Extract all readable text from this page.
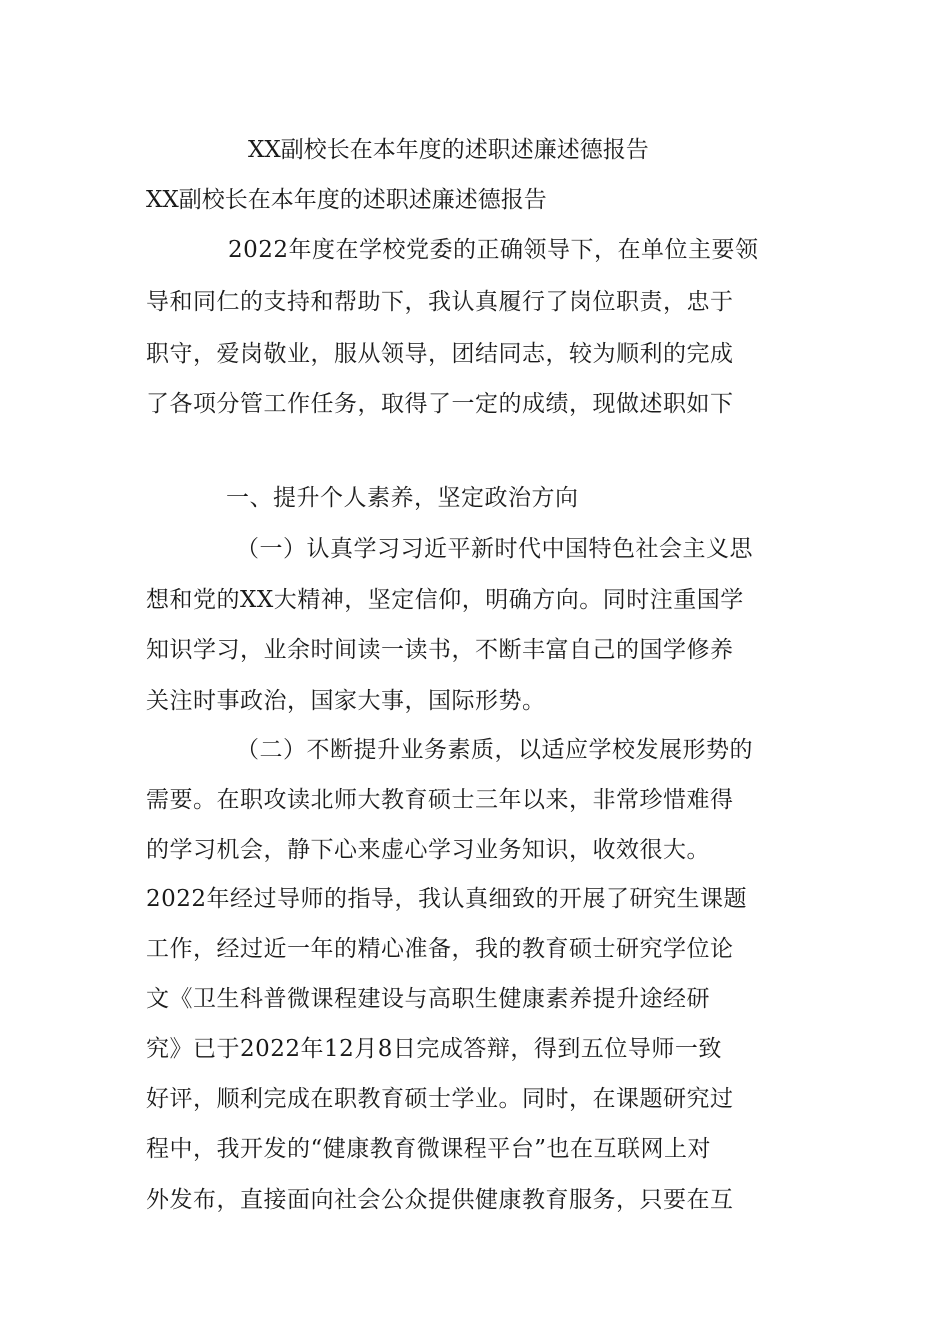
XX副校长在本年度的述职述廉述德报告
XX副校长在本年度的述职述廉述德报告
2022年度在学校党委的正确领导下，在单位主要领
导和同仁的支持和帮助下，我认真履行了岗位职责，忠于
职守，爱岗敬业，服从领导，团结同志，较为顺利的完成
了各项分管工作任务，取得了一定的成绩，现做述职如下
一、提升个人素养，坚定政治方向
（一）认真学习习近平新时代中国特色社会主义思
想和党的XX大精神，坚定信仰，明确方向。同时注重国学
知识学习，业余时间读一读书，不断丰富自己的国学修养
关注时事政治，国家大事，国际形势。
（二）不断提升业务素质，以适应学校发展形势的
需要。在职攻读北师大教育硕士三年以来，非常珍惜难得
的学习机会，静下心来虚心学习业务知识，收效很大。
2022年经过导师的指导，我认真细致的开展了研究生课题
工作，经过近一年的精心准备，我的教育硕士研究学位论
文《卫生科普微课程建设与高职生健康素养提升途经研
究》已于2022年12月8日完成答辩，得到五位导师一致
好评，顺利完成在职教育硕士学业。同时，在课题研究过
程中，我开发的“健康教育微课程平台”也在互联网上对
外发布，直接面向社会公众提供健康教育服务，只要在互
